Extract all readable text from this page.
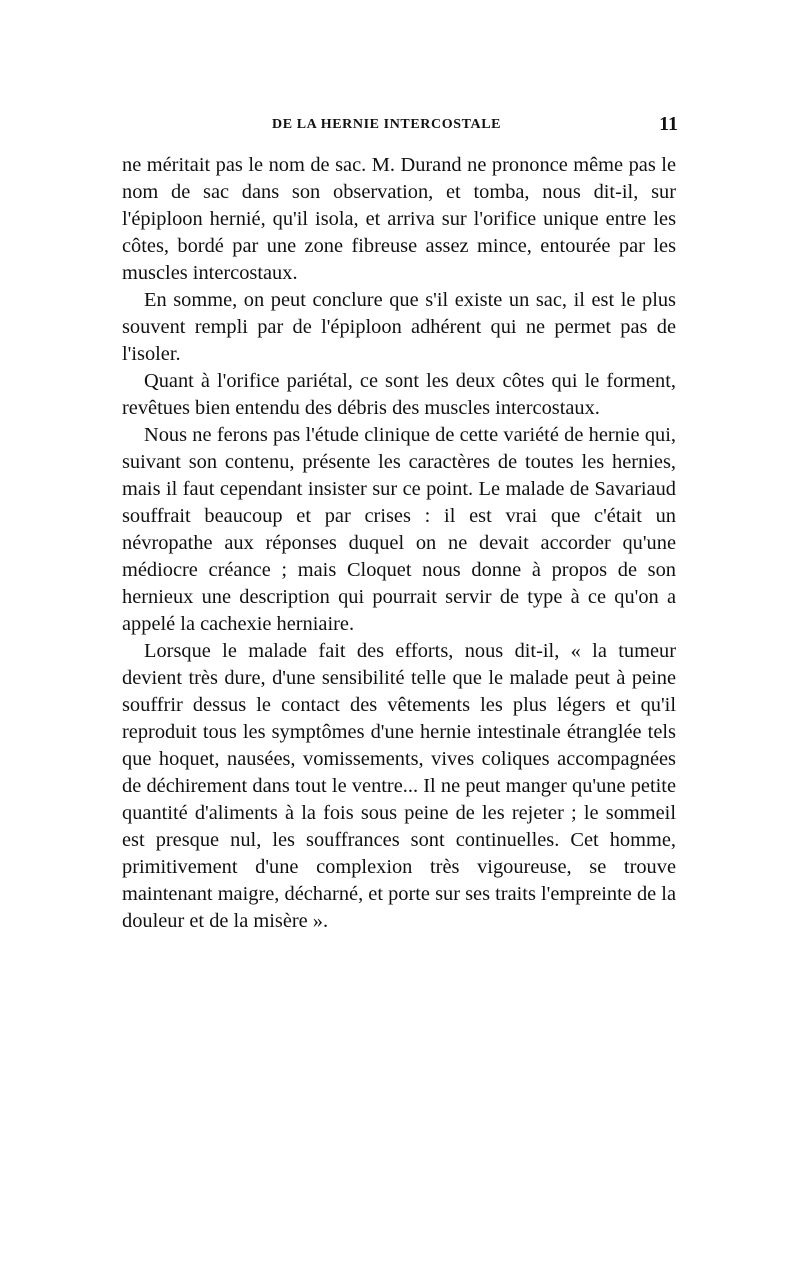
DE LA HERNIE INTERCOSTALE	11

ne méritait pas le nom de sac. M. Durand ne prononce même pas le nom de sac dans son observation, et tomba, nous dit-il, sur l'épiploon hernié, qu'il isola, et arriva sur l'orifice unique entre les côtes, bordé par une zone fibreuse assez mince, entourée par les muscles intercostaux.

En somme, on peut conclure que s'il existe un sac, il est le plus souvent rempli par de l'épiploon adhérent qui ne permet pas de l'isoler.

Quant à l'orifice pariétal, ce sont les deux côtes qui le forment, revêtues bien entendu des débris des muscles intercostaux.

Nous ne ferons pas l'étude clinique de cette variété de hernie qui, suivant son contenu, présente les caractères de toutes les hernies, mais il faut cependant insister sur ce point. Le malade de Savariaud souffrait beaucoup et par crises : il est vrai que c'était un névropathe aux réponses duquel on ne devait accorder qu'une médiocre créance ; mais Cloquet nous donne à propos de son hernieux une description qui pourrait servir de type à ce qu'on a appelé la cachexie herniaire.

Lorsque le malade fait des efforts, nous dit-il, « la tumeur devient très dure, d'une sensibilité telle que le malade peut à peine souffrir dessus le contact des vêtements les plus légers et qu'il reproduit tous les symptômes d'une hernie intestinale étranglée tels que hoquet, nausées, vomissements, vives coliques accompagnées de déchirement dans tout le ventre... Il ne peut manger qu'une petite quantité d'aliments à la fois sous peine de les rejeter ; le sommeil est presque nul, les souffrances sont continuelles. Cet homme, primitivement d'une complexion très vigoureuse, se trouve maintenant maigre, décharné, et porte sur ses traits l'empreinte de la douleur et de la misère ».
